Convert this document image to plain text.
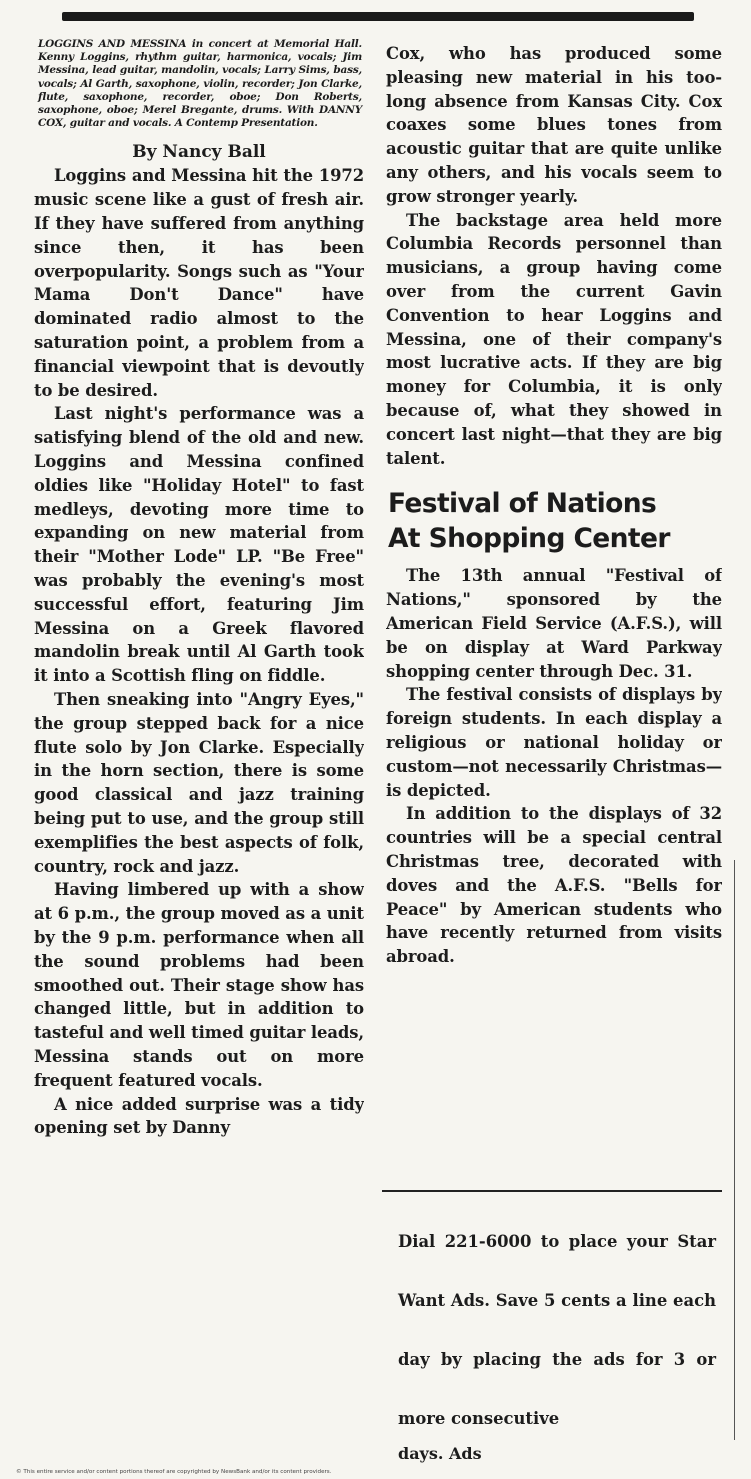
LOGGINS AND MESSINA in concert at Memorial Hall. Kenny Loggins, rhythm guitar, harmonica, vocals; Jim Messina, lead guitar, mandolin, vocals; Larry Sims, bass, vocals; Al Garth, saxophone, violin, recorder; Jon Clarke, flute, saxophone, recorder, oboe; Don Roberts, saxophone, oboe; Merel Bregante, drums. With DANNY COX, guitar and vocals. A Contemp Presentation.
By Nancy Ball

Loggins and Messina hit the 1972 music scene like a gust of fresh air. If they have suffered from anything since then, it has been overpopularity. Songs such as "Your Mama Don't Dance" have dominated radio almost to the saturation point, a problem from a financial viewpoint that is devoutly to be desired.

Last night's performance was a satisfying blend of the old and new. Loggins and Messina confined oldies like "Holiday Hotel" to fast medleys, devoting more time to expanding on new material from their "Mother Lode" LP. "Be Free" was probably the evening's most successful effort, featuring Jim Messina on a Greek flavored mandolin break until Al Garth took it into a Scottish fling on fiddle.

Then sneaking into "Angry Eyes," the group stepped back for a nice flute solo by Jon Clarke. Especially in the horn section, there is some good classical and jazz training being put to use, and the group still exemplifies the best aspects of folk, country, rock and jazz.

Having limbered up with a show at 6 p.m., the group moved as a unit by the 9 p.m. performance when all the sound problems had been smoothed out. Their stage show has changed little, but in addition to tasteful and well timed guitar leads, Messina stands out on more frequent featured vocals.

A nice added surprise was a tidy opening set by Danny

Cox, who has produced some pleasing new material in his too-long absence from Kansas City. Cox coaxes some blues tones from acoustic guitar that are quite unlike any others, and his vocals seem to grow stronger yearly.

The backstage area held more Columbia Records personnel than musicians, a group having come over from the current Gavin Convention to hear Loggins and Messina, one of their company's most lucrative acts. If they are big money for Columbia, it is only because of, what they showed in concert last night—that they are big talent.

Festival of Nations
At Shopping Center

The 13th annual "Festival of Nations," sponsored by the American Field Service (A.F.S.), will be on display at Ward Parkway shopping center through Dec. 31.

The festival consists of displays by foreign students. In each display a religious or national holiday or custom—not necessarily Christmas—is depicted.

In addition to the displays of 32 countries will be a special central Christmas tree, decorated with doves and the A.F.S. "Bells for Peace" by American students who have recently returned from visits abroad.

Dial 221-6000 to place your Star Want Ads. Save 5 cents a line each day by placing the ads for 3 or more consecutive
days. Ads
© This entire service and/or content portions thereof are copyrighted by NewsBank and/or its content providers.
